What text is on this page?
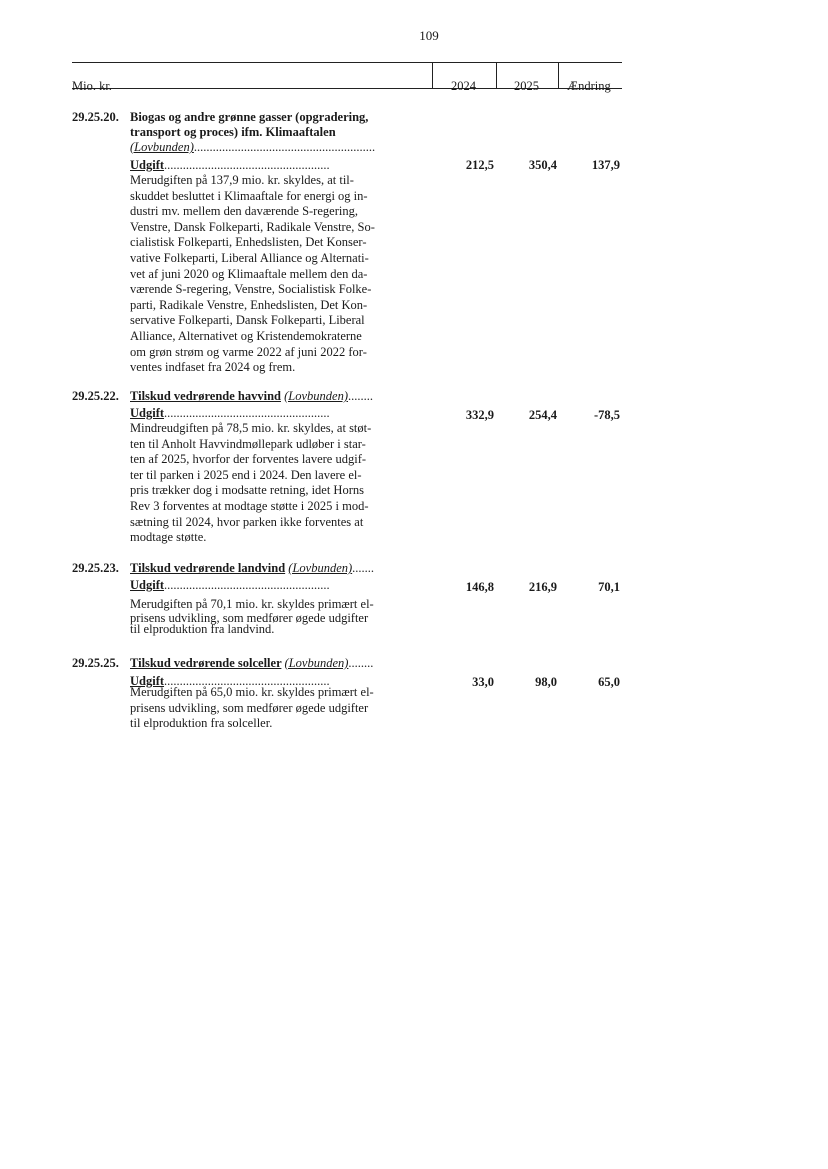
109
Mio. kr.	2024	2025 Ændring
29.25.20. Biogas og andre grønne gasser (opgradering,
transport og proces) ifm. Klimaaftalen
(Lovbunden)..........................................................
Udgift.....................................................	212,5	350,4	137,9
Merudgiften på 137,9 mio. kr. skyldes, at til-
skuddet besluttet i Klimaaftale for energi og in-
dustri mv. mellem den daværende S-regering,
Venstre, Dansk Folkeparti, Radikale Venstre, So-
cialistisk Folkeparti, Enhedslisten, Det Konser-
vative Folkeparti, Liberal Alliance og Alternati-
vet af juni 2020 og Klimaaftale mellem den da-
værende S-regering, Venstre, Socialistisk Folke-
parti, Radikale Venstre, Enhedslisten, Det Kon-
servative Folkeparti, Dansk Folkeparti, Liberal
Alliance, Alternativet og Kristendemokraterne
om grøn strøm og varme 2022 af juni 2022 for-
ventes indfaset fra 2024 og frem.
29.25.22. Tilskud vedrørende havvind (Lovbunden)........
Udgift.....................................................	332,9	254,4	-78,5
Mindreudgiften på 78,5 mio. kr. skyldes, at støt-
ten til Anholt Havvindmøllepark udløber i star-
ten af 2025, hvorfor der forventes lavere udgif-
ter til parken i 2025 end i 2024. Den lavere el-
pris trækker dog i modsatte retning, idet Horns
Rev 3 forventes at modtage støtte i 2025 i mod-
sætning til 2024, hvor parken ikke forventes at
modtage støtte.
29.25.23. Tilskud vedrørende landvind (Lovbunden).......
Udgift.....................................................	146,8	216,9	70,1
Merudgiften på 70,1 mio. kr. skyldes primært el-
prisens udvikling, som medfører øgede udgifter
til elproduktion fra landvind.
29.25.25. Tilskud vedrørende solceller (Lovbunden)........
Udgift.....................................................	33,0	98,0	65,0
Merudgiften på 65,0 mio. kr. skyldes primært el-
prisens udvikling, som medfører øgede udgifter
til elproduktion fra solceller.
